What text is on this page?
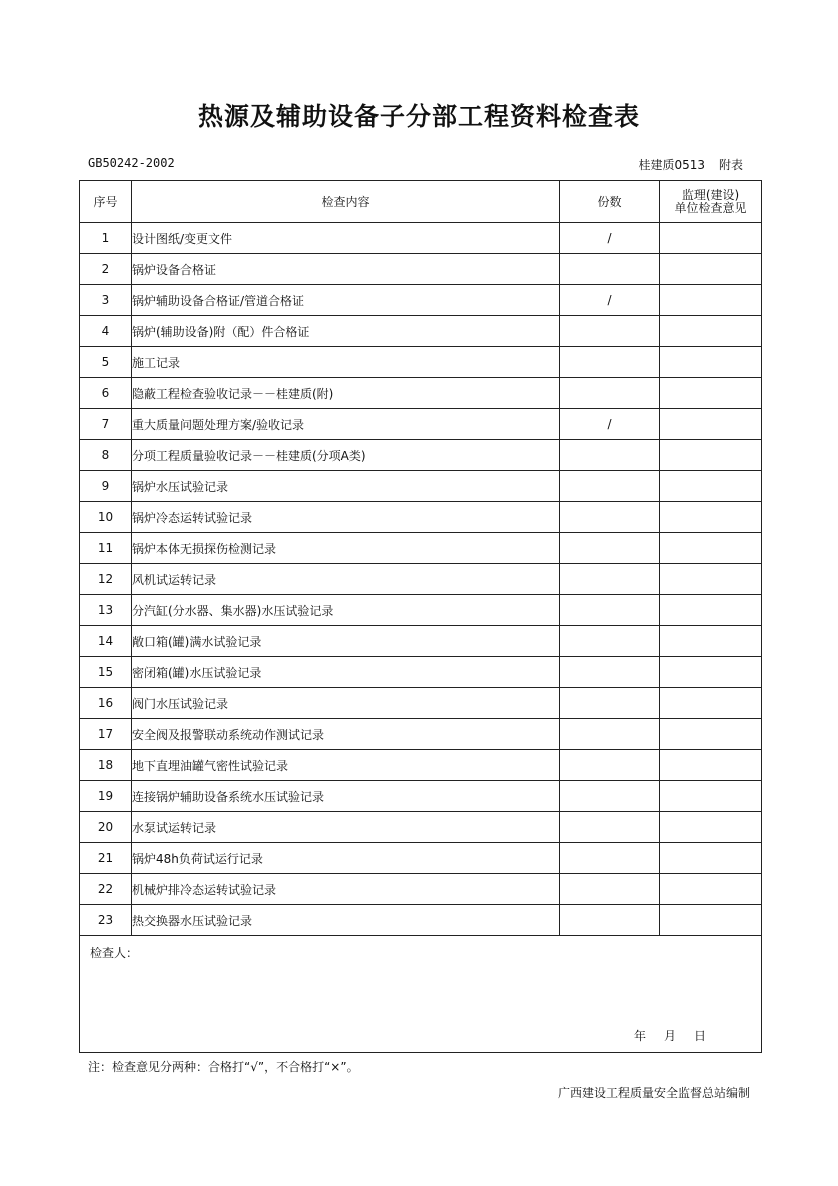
热源及辅助设备子分部工程资料检查表
GB50242-2002	桂建质0513 附表
序号	检查内容	份数	监理(建设)
单位检查意见

1	设计图纸/变更文件	/	
2	锅炉设备合格证		
3	锅炉辅助设备合格证/管道合格证	/	
4	锅炉(辅助设备)附（配）件合格证		
5	施工记录		
6	隐蔽工程检查验收记录－－桂建质(附)		
7	重大质量问题处理方案/验收记录	/	
8	分项工程质量验收记录－－桂建质(分项A类)		
9	锅炉水压试验记录		
10	锅炉冷态运转试验记录		
11	锅炉本体无损探伤检测记录		
12	风机试运转记录		
13	分汽缸(分水器、集水器)水压试验记录		
14	敞口箱(罐)满水试验记录		
15	密闭箱(罐)水压试验记录		
16	阀门水压试验记录		
17	安全阀及报警联动系统动作测试记录		
18	地下直埋油罐气密性试验记录		
19	连接锅炉辅助设备系统水压试验记录		
20	水泵试运转记录		
21	锅炉48h负荷试运行记录		
22	机械炉排冷态运转试验记录		
23	热交换器水压试验记录		

检查人：
年 月 日			
注：检查意见分两种：合格打“√”，不合格打“×”。
广西建设工程质量安全监督总站编制
